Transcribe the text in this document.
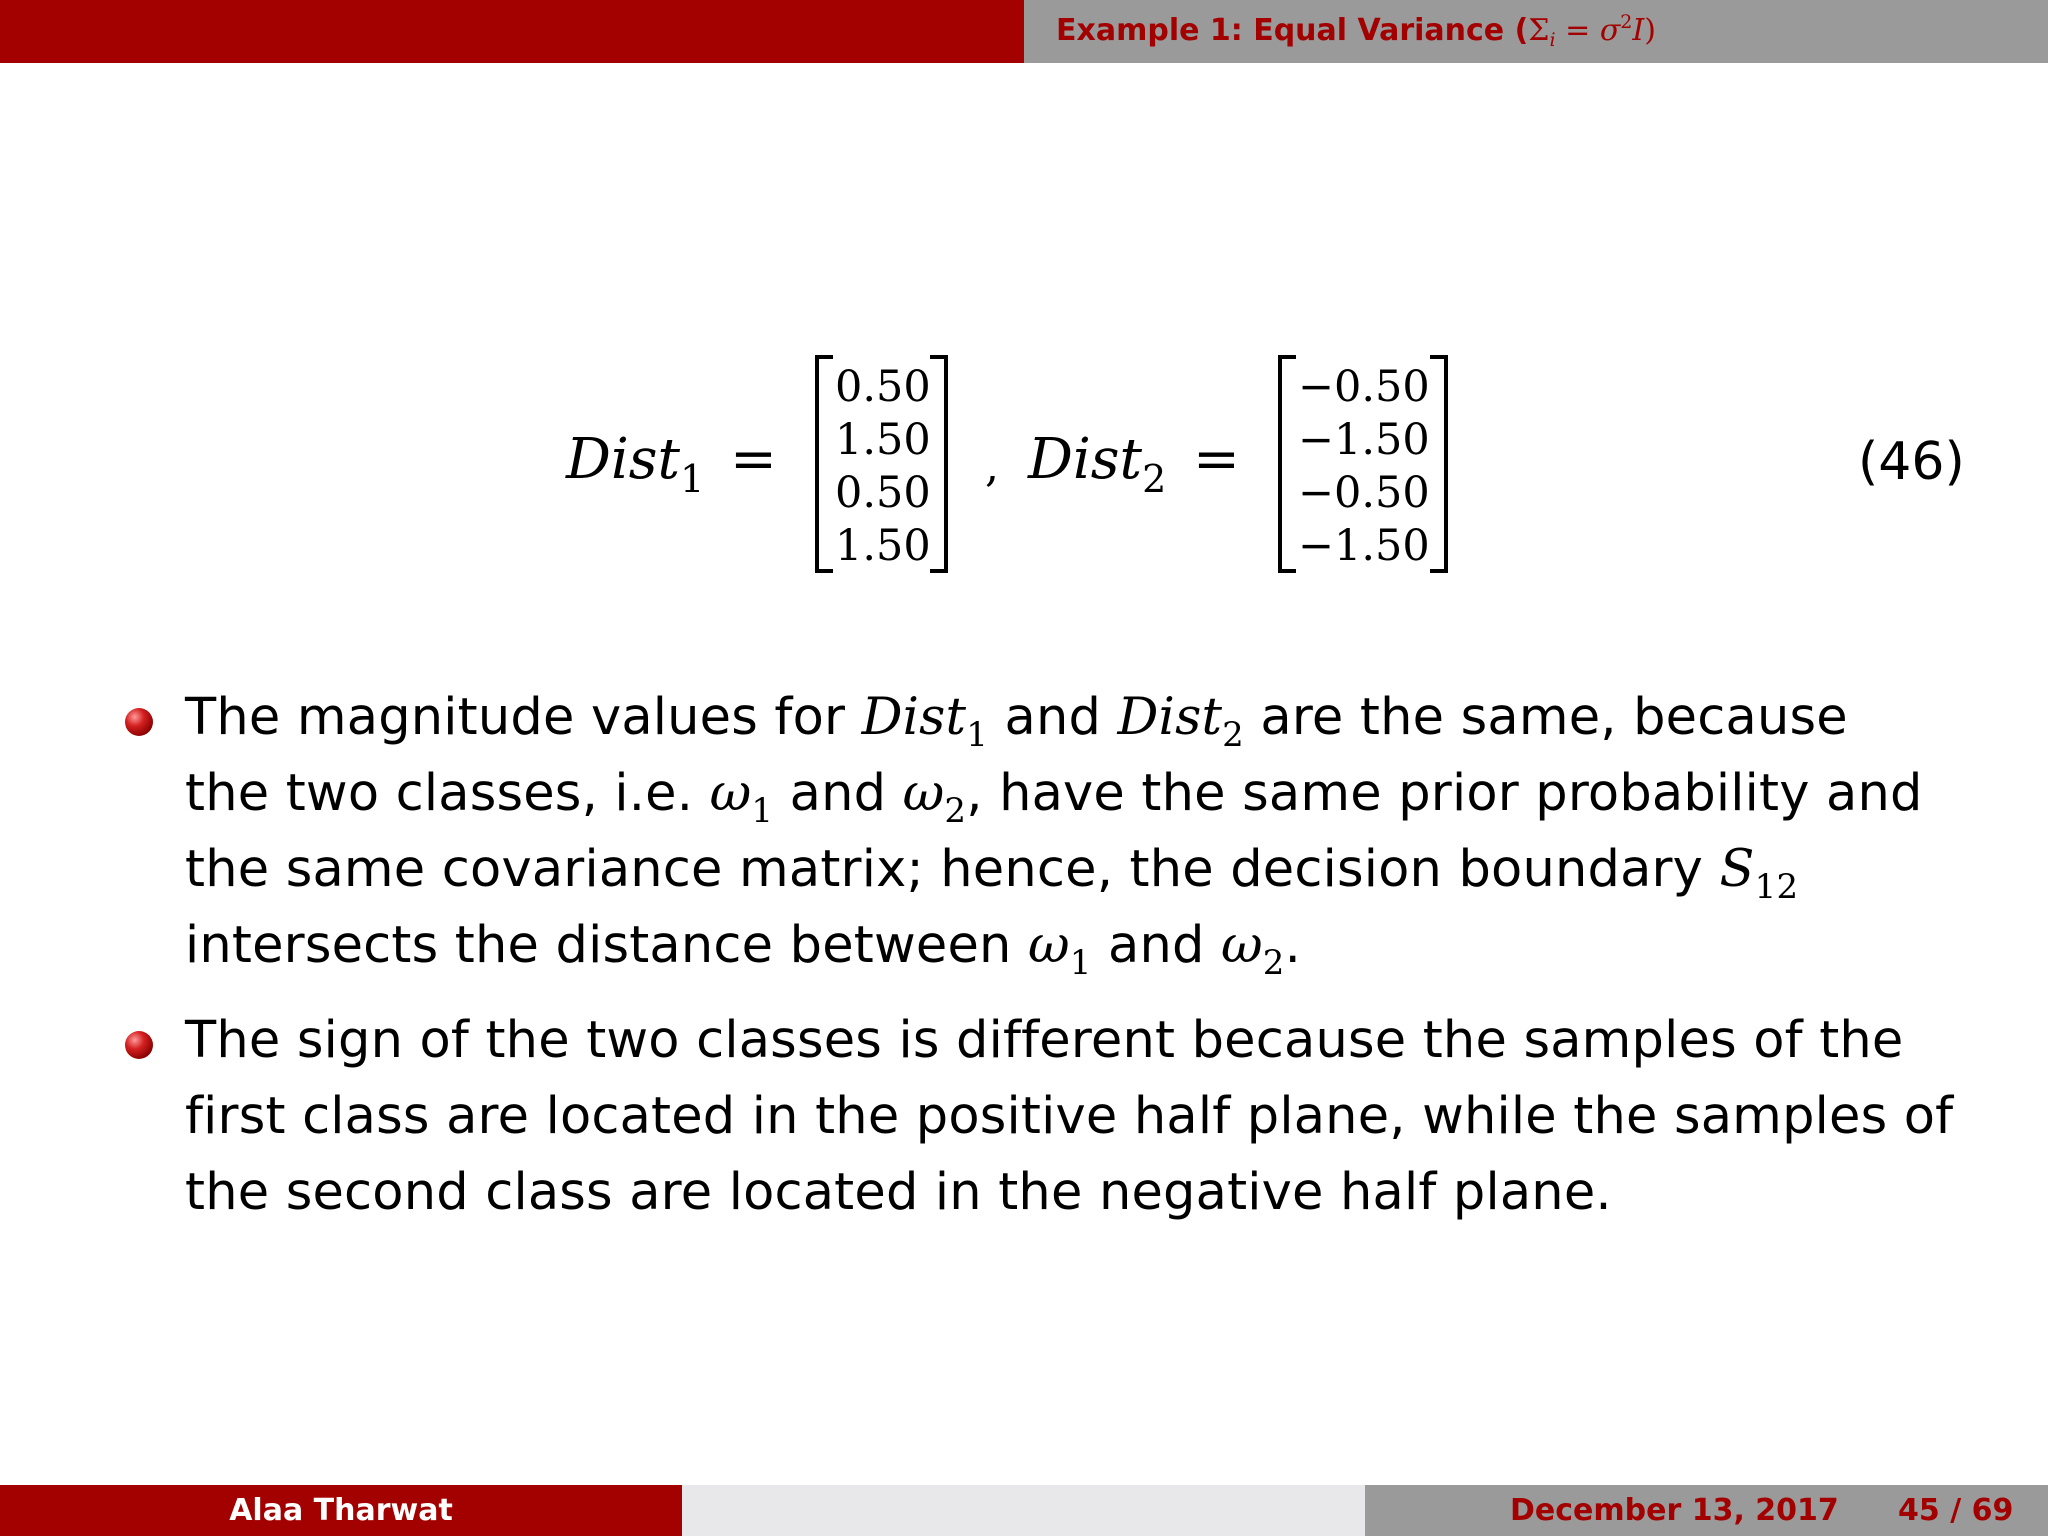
Example 1: Equal Variance $(\Sigma_i = \sigma^2I)$
Dist$_1$ =
0.50
1.50
0.50
1.50
, Dist$_2$ =
−0.50
−1.50
−0.50
−1.50
(46)
The magnitude values for Dist$_1$ and Dist$_2$ are the same, because
the two classes, i.e. $\omega_1$ and $\omega_2$, have the same prior probability and
the same covariance matrix; hence, the decision boundary $S_{12}$
intersects the distance between $\omega_1$ and $\omega_2$.
The sign of the two classes is different because the samples of the
first class are located in the positive half plane, while the samples of
the second class are located in the negative half plane.
Alaa Tharwat	December 13, 2017 45 / 69
